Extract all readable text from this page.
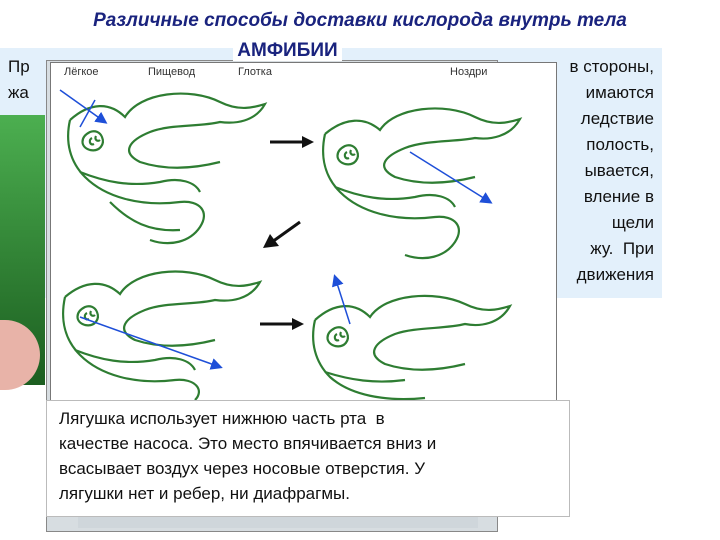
Различные способы доставки кислорода внутрь тела
АМФИБИИ
Пр
жа
в стороны,
имаются
ледствие
полость,
ывается,
вление в
щели
жу.  При
движения
Лёгкое	Пищевод	Глотка	Ноздри
Лягушка использует нижнюю часть рта  в
качестве насоса. Это место впячивается вниз и
всасывает воздух через носовые отверстия. У
лягушки нет и ребер, ни диафрагмы.
